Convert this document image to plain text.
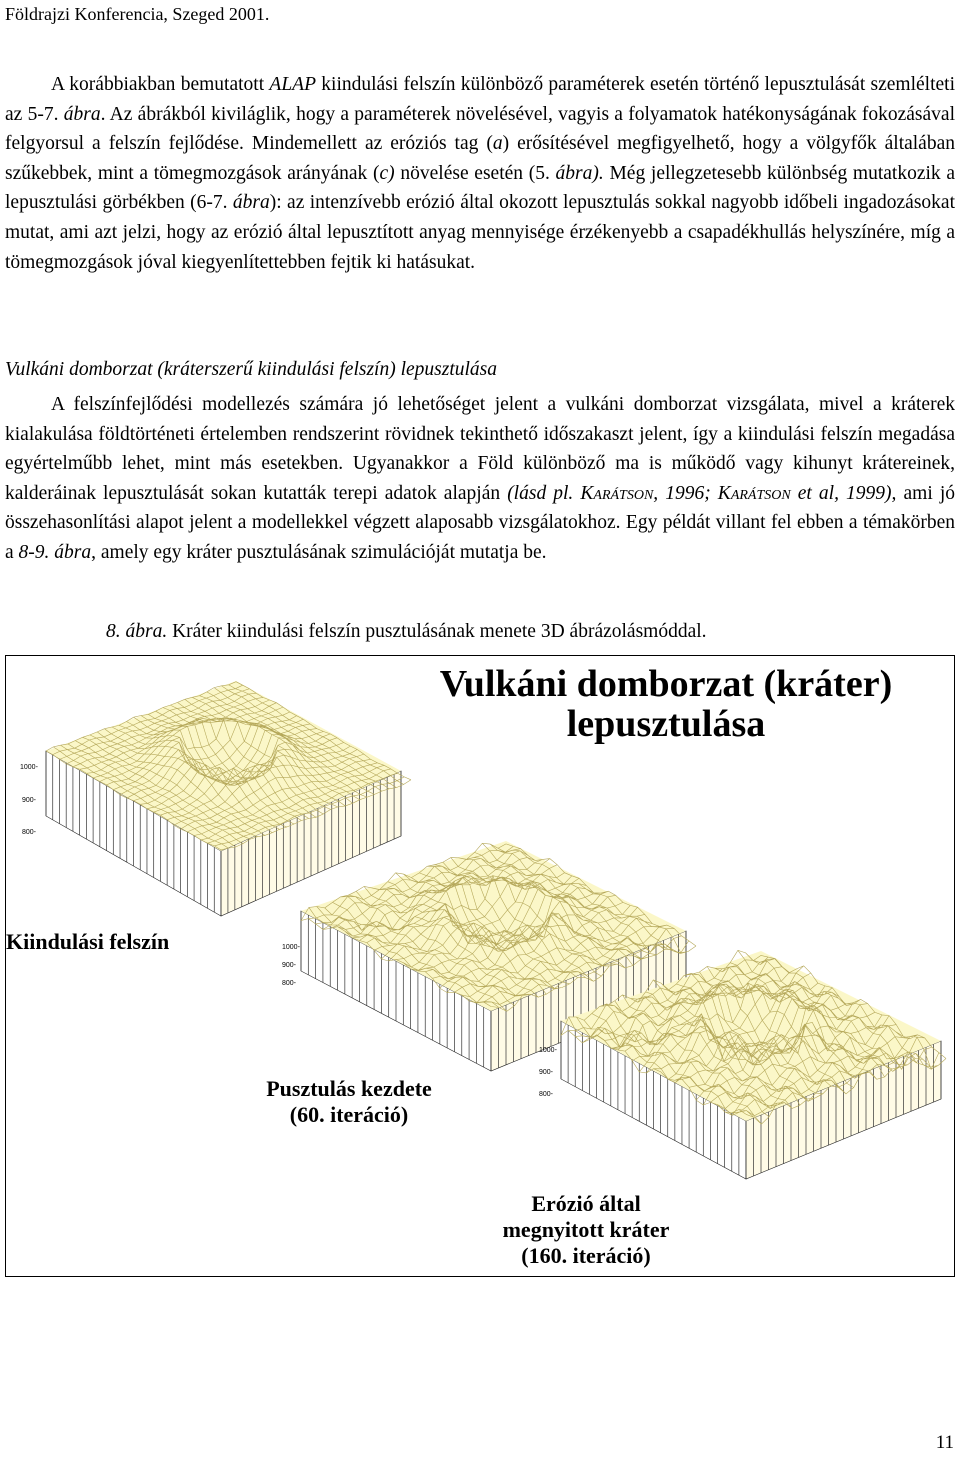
Földrajzi Konferencia, Szeged 2001.
A korábbiakban bemutatott ALAP kiindulási felszín különböző paraméterek esetén történő lepusztulását szemlélteti az 5-7. ábra. Az ábrákból kiviláglik, hogy a paraméterek növelésével, vagyis a folyamatok hatékonyságának fokozásával felgyorsul a felszín fejlődése. Mindemellett az eróziós tag (a) erősítésével megfigyelhető, hogy a völgyfők általában szűkebbek, mint a tömegmozgások arányának (c) növelése esetén (5. ábra). Még jellegzetesebb különbség mutatkozik a lepusztulási görbékben (6-7. ábra): az intenzívebb erózió által okozott lepusztulás sokkal nagyobb időbeli ingadozásokat mutat, ami azt jelzi, hogy az erózió által lepusztított anyag mennyisége érzékenyebb a csapadékhullás helyszínére, míg a tömegmozgások jóval kiegyenlítettebben fejtik ki hatásukat.
Vulkáni domborzat (kráterszerű kiindulási felszín) lepusztulása
A felszínfejlődési modellezés számára jó lehetőséget jelent a vulkáni domborzat vizsgálata, mivel a kráterek kialakulása földtörténeti értelemben rendszerint rövidnek tekinthető időszakaszt jelent, így a kiindulási felszín megadása egyértelműbb lehet, mint más esetekben. Ugyanakkor a Föld különböző ma is működő vagy kihunyt krátereinek, kalderáinak lepusztulását sokan kutatták terepi adatok alapján (lásd pl. Karátson, 1996; Karátson et al, 1999), ami jó összehasonlítási alapot jelent a modellekkel végzett alaposabb vizsgálatokhoz. Egy példát villant fel ebben a témakörben a 8-9. ábra, amely egy kráter pusztulásának szimulációját mutatja be.
8. ábra. Kráter kiindulási felszín pusztulásának menete 3D ábrázolásmóddal.
Vulkáni domborzat (kráter)
lepusztulása
1000-
900-
800-
1000-
900-
800-
1000-
900-
800-
Kiindulási felszín
Pusztulás kezdete
(60. iteráció)
Erózió által
megnyitott kráter
(160. iteráció)
11
